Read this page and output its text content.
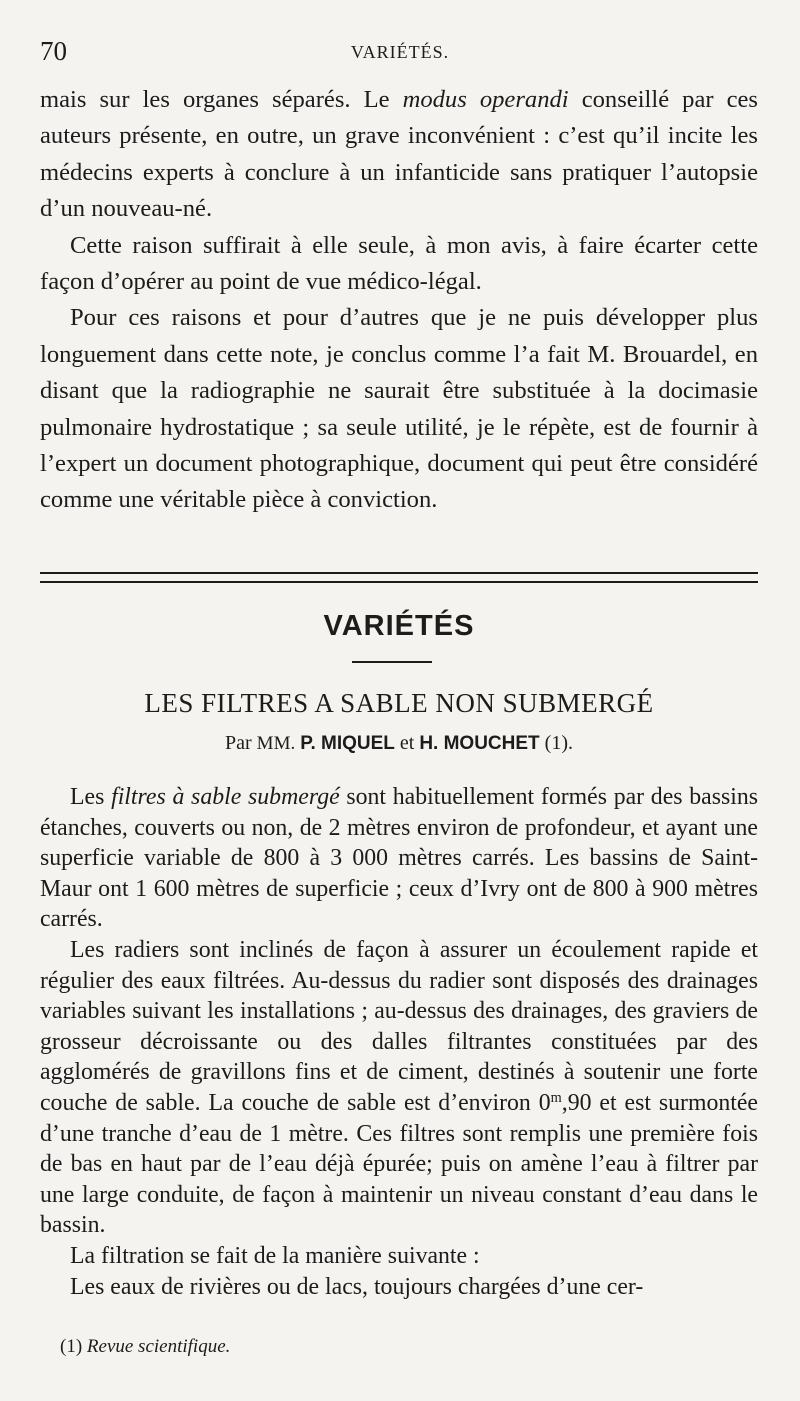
70	VARIÉTÉS.

mais sur les organes séparés. Le modus operandi conseillé par ces auteurs présente, en outre, un grave inconvénient : c’est qu’il incite les médecins experts à conclure à un infanticide sans pratiquer l’autopsie d’un nouveau-né.

Cette raison suffirait à elle seule, à mon avis, à faire écarter cette façon d’opérer au point de vue médico-légal.

Pour ces raisons et pour d’autres que je ne puis développer plus longuement dans cette note, je conclus comme l’a fait M. Brouardel, en disant que la radiographie ne saurait être substituée à la docimasie pulmonaire hydrostatique ; sa seule utilité, je le répète, est de fournir à l’expert un document photographique, document qui peut être considéré comme une véritable pièce à conviction.

VARIÉTÉS
LES FILTRES A SABLE NON SUBMERGÉ
Par MM. P. MIQUEL et H. MOUCHET (1).

Les filtres à sable submergé sont habituellement formés par des bassins étanches, couverts ou non, de 2 mètres environ de profondeur, et ayant une superficie variable de 800 à 3 000 mètres carrés. Les bassins de Saint-Maur ont 1 600 mètres de superficie ; ceux d’Ivry ont de 800 à 900 mètres carrés.

Les radiers sont inclinés de façon à assurer un écoulement rapide et régulier des eaux filtrées. Au-dessus du radier sont disposés des drainages variables suivant les installations ; au-dessus des drainages, des graviers de grosseur décroissante ou des dalles filtrantes constituées par des agglomérés de gravillons fins et de ciment, destinés à soutenir une forte couche de sable. La couche de sable est d’environ 0$^m$,90 et est surmontée d’une tranche d’eau de 1 mètre. Ces filtres sont remplis une première fois de bas en haut par de l’eau déjà épurée; puis on amène l’eau à filtrer par une large conduite, de façon à maintenir un niveau constant d’eau dans le bassin.

La filtration se fait de la manière suivante :

Les eaux de rivières ou de lacs, toujours chargées d’une cer-

(1) Revue scientifique.
